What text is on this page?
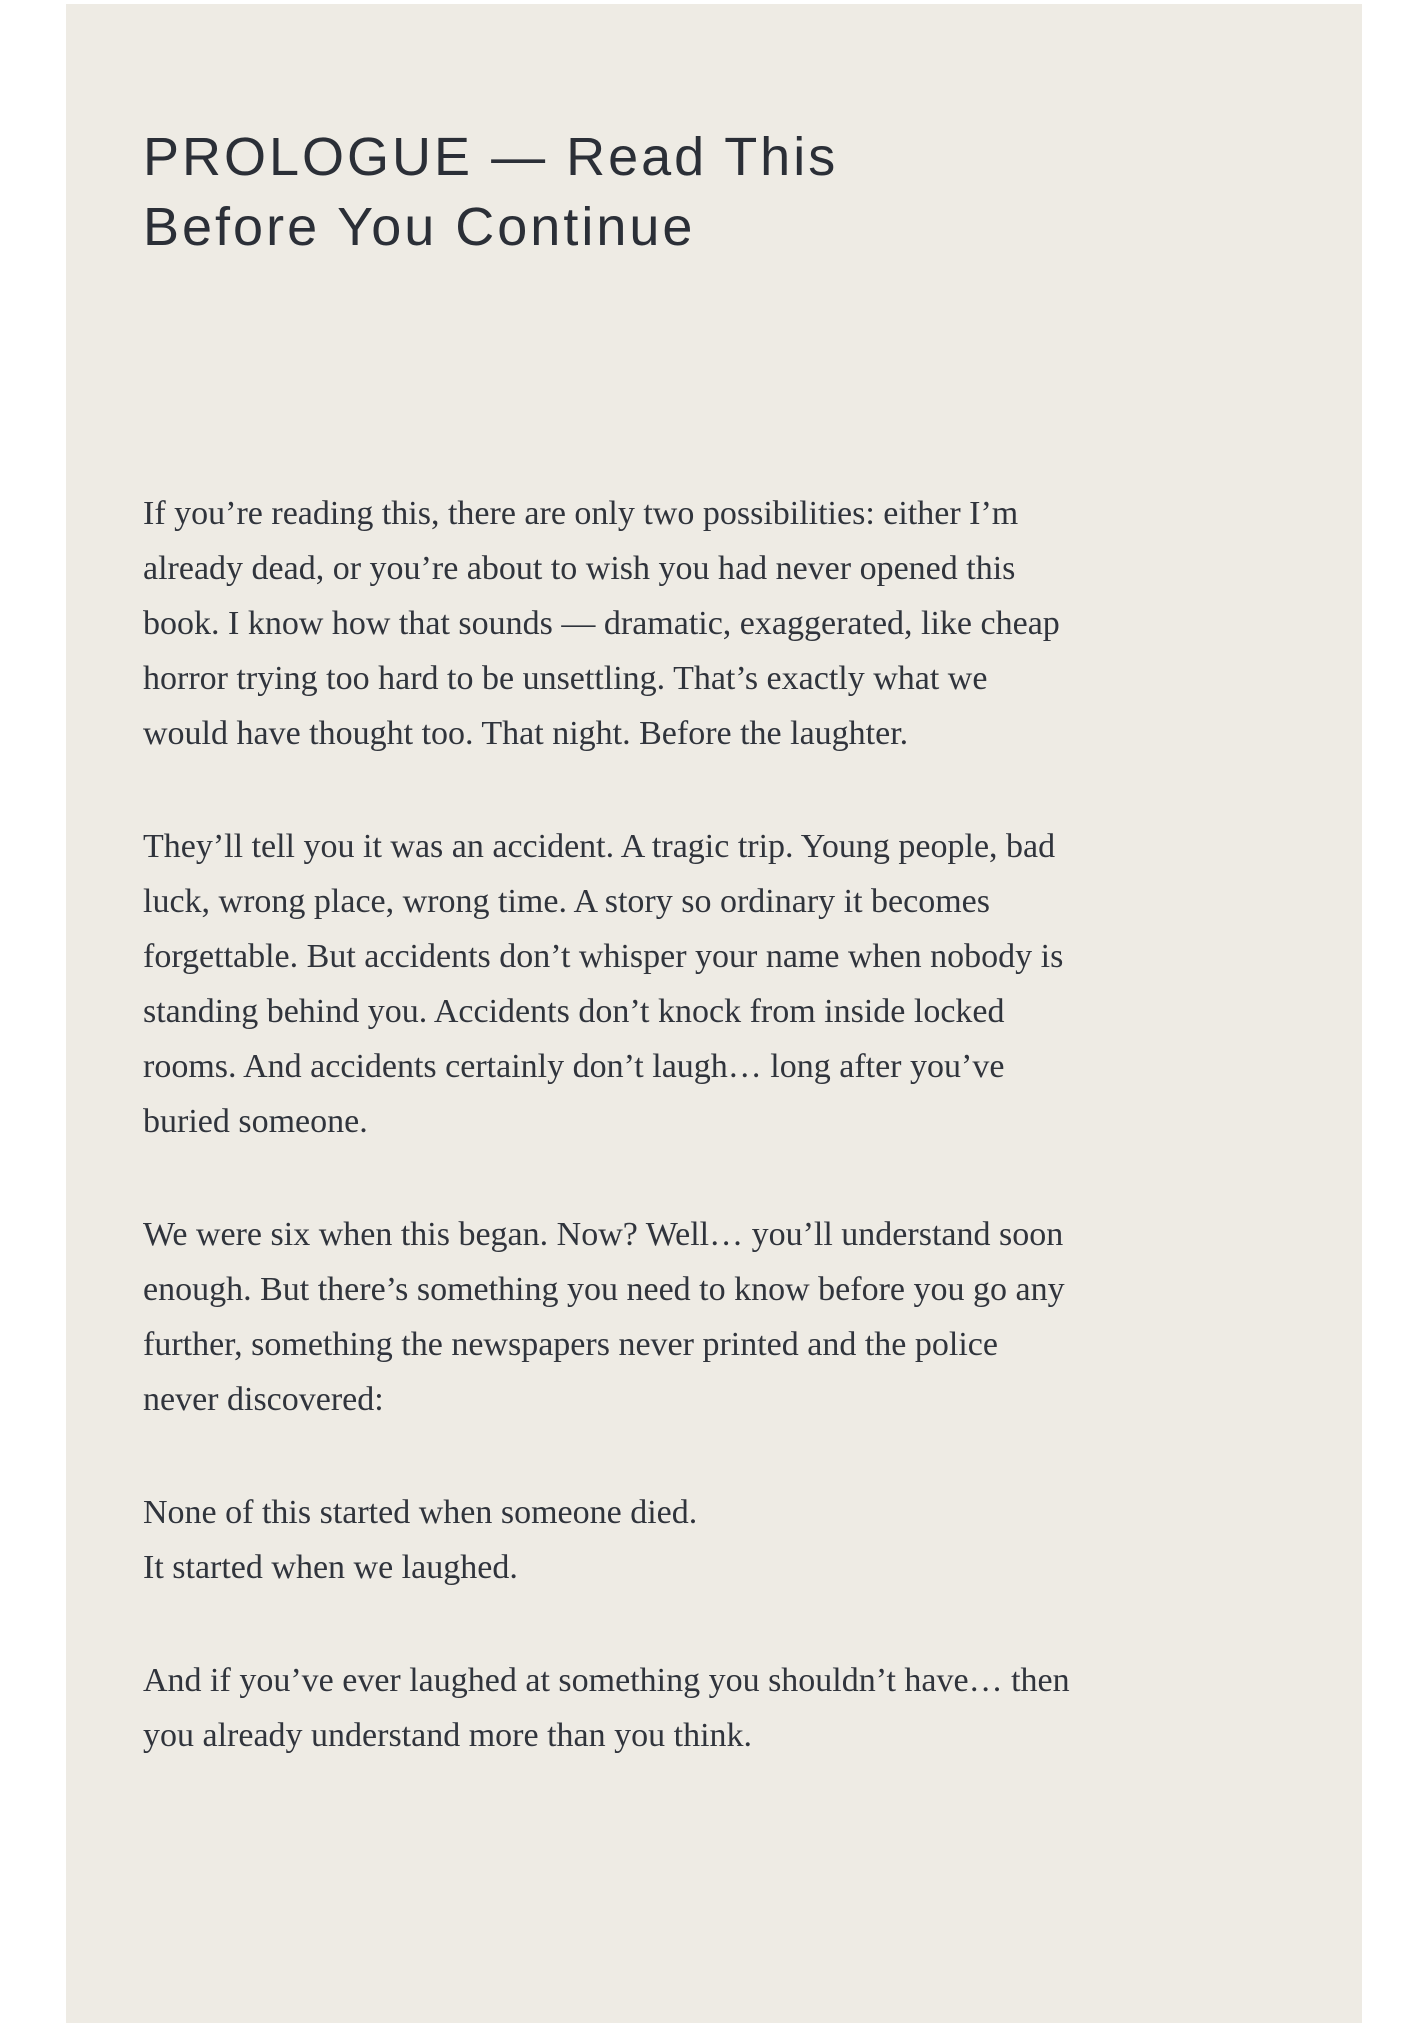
PROLOGUE — Read This
Before You Continue
If you’re reading this, there are only two possibilities: either I’m
already dead, or you’re about to wish you had never opened this
book. I know how that sounds — dramatic, exaggerated, like cheap
horror trying too hard to be unsettling. That’s exactly what we
would have thought too. That night. Before the laughter.
They’ll tell you it was an accident. A tragic trip. Young people, bad
luck, wrong place, wrong time. A story so ordinary it becomes
forgettable. But accidents don’t whisper your name when nobody is
standing behind you. Accidents don’t knock from inside locked
rooms. And accidents certainly don’t laugh… long after you’ve
buried someone.
We were six when this began. Now? Well… you’ll understand soon
enough. But there’s something you need to know before you go any
further, something the newspapers never printed and the police
never discovered:
None of this started when someone died.
It started when we laughed.
And if you’ve ever laughed at something you shouldn’t have… then
you already understand more than you think.
